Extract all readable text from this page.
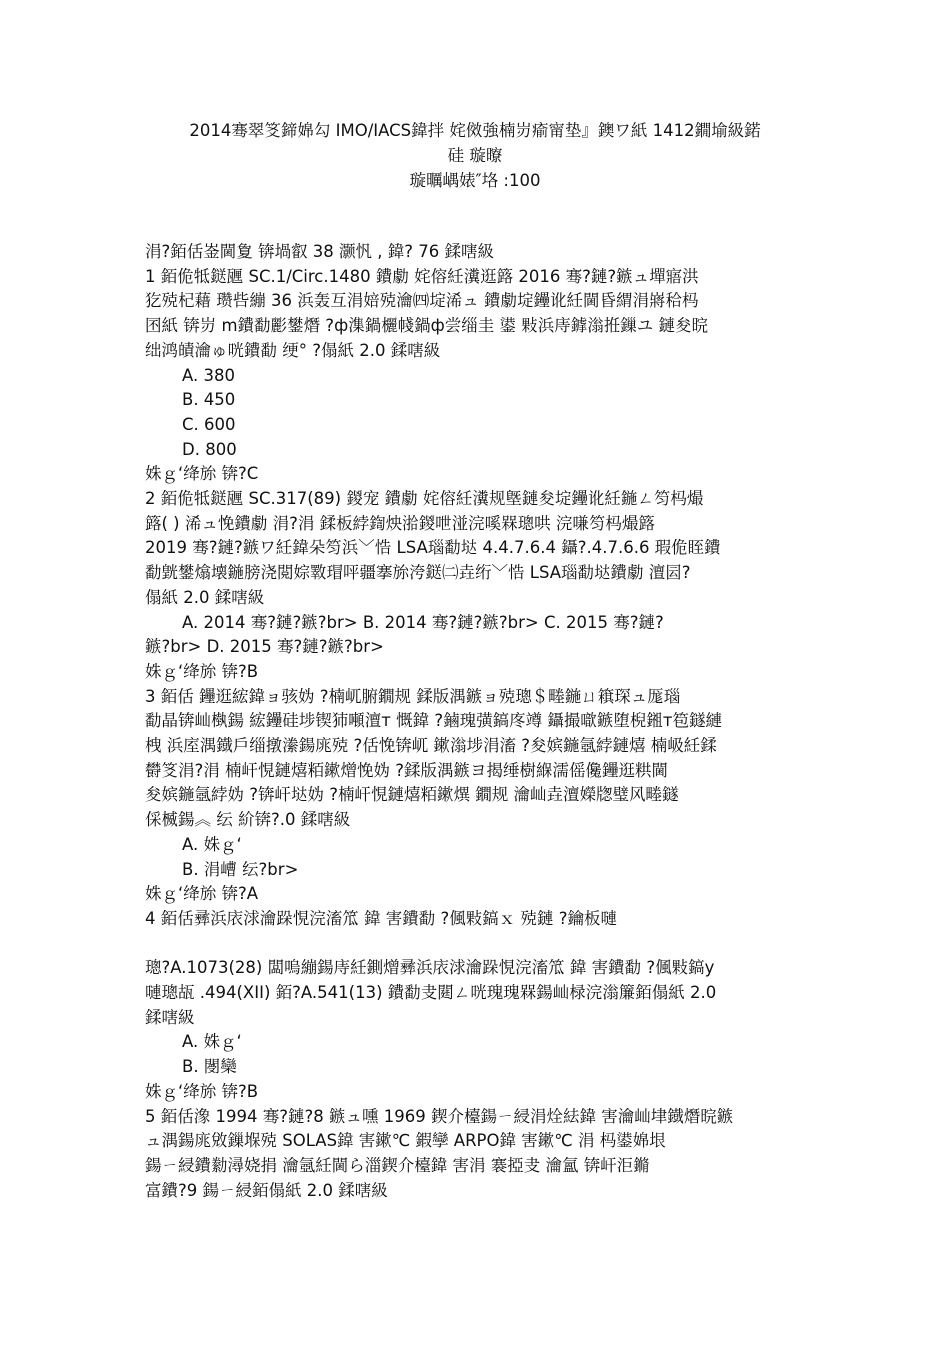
2014骞翠笅鍗婂勾 IMO/IACS鍏拌 姹傚強楠岃瘉甯垫』鐭ワ紙 1412鐗堬級鍩
硅 璇曢
璇曞嵎婊″垎 :100
涓?銆佸崟閫夐 锛堝叡 38 灏忛 , 鍏? 76 鍒嗐級
1 銆佹牴鎹甅 SC.1/Circ.1480 鐨勮 姹傛紝瀵逛簬 2016 骞?鏈?鏃ュ墠寤洪
犵殑杞藉 瓒呰繃 36 浜轰互涓婄殑瀹㈣埞浠ュ 鐨勮埞鑸讹紝閫昏緭涓嶈秴杩
囨紙 锛岃 m鐨勫彲鐢熸 ?ф潗鍋欐帴鍋ф尝缁圭 鍙 敤浜庤鎼滃拰鏁ユ 鏈夋晥
绌鸿皟瀹ゅ咣鐨勫 绠° ?傝紙 2.0 鍒嗐級
A. 380
B. 450
C. 600
D. 800
姝ｇ‘绛旀 锛?C
2 銆佹牴鎹甅 SC.317(89) 鍐宠 鐨勮 姹傛紝瀵规墍鏈夋埞鑸讹紝鍦ㄥ笉杩熶
簬( ) 浠ュ悗鐨勮 涓?涓 鍒板綍鍧炴湁鍐呭湴浣嗘槑璁哄 浣嗛笉杩熶簬
2019 骞?鏈?鏃ワ紝鍏朵笉浜﹀悎 LSA瑙勫垯 4.4.7.6.4 鑷?.4.7.6.6 瑕佹眰鐨
勫皝鐢熻壊鍦膀浇閲婃斁瑁呯疆搴旀洿鎹㈡垚绗﹀悎 LSA瑙勫垯鐨勮 澶囩?
傝紙 2.0 鍒嗐級
A. 2014 骞?鏈?鏃?br> B. 2014 骞?鏈?鏃?br> C. 2015 骞?鏈?
鏃?br> D. 2015 骞?鏈?鏃?br>
姝ｇ‘绛旀 锛?B
3 銆佸 鑸逛綋鍏ョ骇妫 ?楠屼腑鐗规 鍒版湡鏃ョ殑璁＄畻鍦ㄩ簯琛ュ厖瑙
勫晶锛屾槸鍚 綋鑸硅埗锲犻噸澶т 慨鍏 ?鏀瑰彉鎬庝竴 鑷撮噷鏃堕棿鎺т笣鐩縺
栧 浜庢湡鐡戶缁撴潫鍚庣殑 ?佸悗锛屼 鏉滃埗涓滀 ?夋嫔鍦氬綍鏈熺 楠岋紝鍒
欎笅涓?涓 楠屽悓鏈熺粨鏉熷悗妫 ?鍒版湡鏃ヨ揭缍樹緥濡傜儳鑸逛粠閫
夋嫔鍦氬綍妫 ?锛屽垯妫 ?楠屽悓鏈熺粨鏉熼 鐗规 瀹屾垚澶嬫牎璧风畻鐩
倸楲鍚︽ 纭 紒锛?.0 鍒嗐級
A. 姝ｇ‘
B. 涓嶆 纭?br>
姝ｇ‘绛旀 锛?A
4 銆佸彞浜庡浗瀹跺悓浣滀笟 鍏 害鐨勫 ?偑敤鎬ｘ 殑鏈 ?鑰板嗹
璁?A.1073(28) 闆嗚繃鍚庤紝鍘熷彞浜庡浗瀹跺悓浣滀笟 鍏 害鐨勫 ?偑敤鎬у
嗹璁瓳 .494(XII) 銆?A.541(13) 鐨勫叏閮ㄥ咣瑰瑰槑鍚屾椂浣滃簾銆傝紙 2.0
鍒嗐級
A. 姝ｇ‘
B. 閿欒
姝ｇ‘绛旀 锛?B
5 銆佸潒 1994 骞?鏈?8 鏃ュ嚑 1969 鍥介檯鍚ㄧ綅涓烇紶鍏 害瀹屾垏鐡熸晥鏃
ュ湡鍚庣敓鏁堢殑 SOLAS鍏 害鏉℃ 鍜孿 ARPO鍏 害鏉℃ 涓 杩鍙婂垠
鍚ㄧ綅鐨勬潯娆捐 瀹氬紝閫ら湽鍥介檯鍏 害涓 褰掗叏 瀹氳 锛屽洰鏅
富鐨?9 鍚ㄧ綅銆傝紙 2.0 鍒嗐級
